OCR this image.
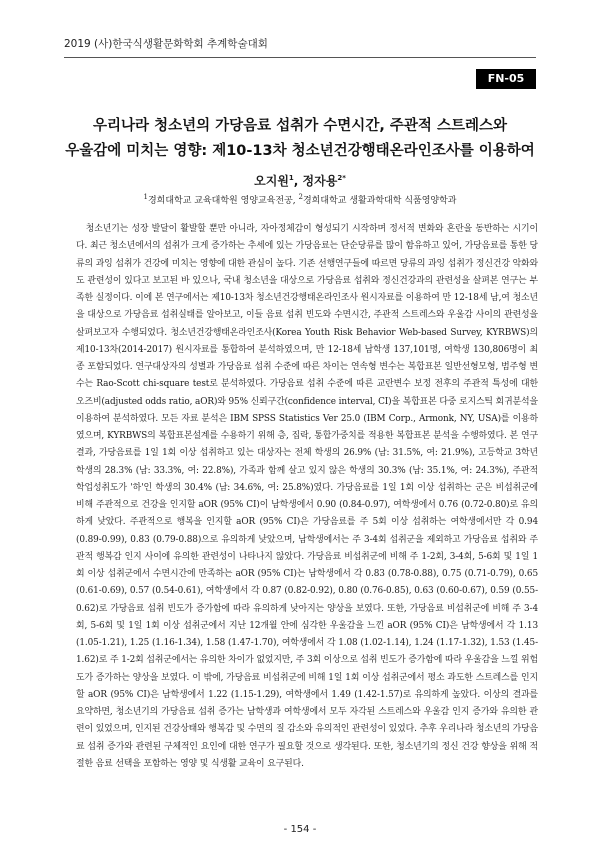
2019 (사)한국식생활문화학회 추계학술대회
FN-05
우리나라 청소년의 가당음료 섭취가 수면시간, 주관적 스트레스와
우울감에 미치는 영향: 제10-13차 청소년건강행태온라인조사를 이용하여
오지원$^1$, 정자용$^{2*}$
$^1$경희대학교 교육대학원 영양교육전공, $^2$경희대학교 생활과학대학 식품영양학과

청소년기는 성장 발달이 활발할 뿐만 아니라, 자아정체감이 형성되기 시작하며 정서적 변화와 혼란을 동반하는 시기이다. 최근 청소년에서의 섭취가 크게 증가하는 추세에 있는 가당음료는 단순당류를 많이 함유하고 있어, 가당음료를 통한 당류의 과잉 섭취가 건강에 미치는 영향에 대한 관심이 높다. 기존 선행연구들에 따르면 당류의 과잉 섭취가 정신건강 악화와도 관련성이 있다고 보고된 바 있으나, 국내 청소년을 대상으로 가당음료 섭취와 정신건강과의 관련성을 살펴본 연구는 부족한 실정이다. 이에 본 연구에서는 제10-13차 청소년건강행태온라인조사 원시자료를 이용하여 만 12-18세 남,여 청소년을 대상으로 가당음료 섭취실태를 알아보고, 이들 음료 섭취 빈도와 수면시간, 주관적 스트레스와 우울감 사이의 관련성을 살펴보고자 수행되었다. 청소년건강행태온라인조사(Korea Youth Risk Behavior Web-based Survey, KYRBWS)의 제10-13차(2014-2017) 원시자료를 통합하여 분석하였으며, 만 12-18세 남학생 137,101명, 여학생 130,806명이 최종 포함되었다. 연구대상자의 성별과 가당음료 섭취 수준에 따른 차이는 연속형 변수는 복합표본 일반선형모형, 범주형 변수는 Rao-Scott chi-square test로 분석하였다. 가당음료 섭취 수준에 따른 교란변수 보정 전후의 주관적 특성에 대한 오즈비(adjusted odds ratio, aOR)와 95% 신뢰구간(confidence interval, CI)을 복합표본 다중 로지스틱 회귀분석을 이용하여 분석하였다. 모든 자료 분석은 IBM SPSS Statistics Ver 25.0 (IBM Corp., Armonk, NY, USA)를 이용하였으며, KYRBWS의 복합표본설계를 수용하기 위해 층, 집락, 통합가중치를 적용한 복합표본 분석을 수행하였다. 본 연구 결과, 가당음료를 1일 1회 이상 섭취하고 있는 대상자는 전체 학생의 26.9% (남: 31.5%, 여: 21.9%), 고등학교 3학년 학생의 28.3% (남: 33.3%, 여: 22.8%), 가족과 함께 살고 있지 않은 학생의 30.3% (남: 35.1%, 여: 24.3%), 주관적 학업성취도가 '하'인 학생의 30.4% (남: 34.6%, 여: 25.8%)였다. 가당음료를 1일 1회 이상 섭취하는 군은 비섭취군에 비해 주관적으로 건강을 인지할 aOR (95% CI)이 남학생에서 0.90 (0.84-0.97), 여학생에서 0.76 (0.72-0.80)로 유의하게 낮았다. 주관적으로 행복을 인지할 aOR (95% CI)은 가당음료를 주 5회 이상 섭취하는 여학생에서만 각 0.94 (0.89-0.99), 0.83 (0.79-0.88)으로 유의하게 낮았으며, 남학생에서는 주 3-4회 섭취군을 제외하고 가당음료 섭취와 주관적 행복감 인지 사이에 유의한 관련성이 나타나지 않았다. 가당음료 비섭취군에 비해 주 1-2회, 3-4회, 5-6회 및 1일 1회 이상 섭취군에서 수면시간에 만족하는 aOR (95% CI)는 남학생에서 각 0.83 (0.78-0.88), 0.75 (0.71-0.79), 0.65 (0.61-0.69), 0.57 (0.54-0.61), 여학생에서 각 0.87 (0.82-0.92), 0.80 (0.76-0.85), 0.63 (0.60-0.67), 0.59 (0.55-0.62)로 가당음료 섭취 빈도가 증가함에 따라 유의하게 낮아지는 양상을 보였다. 또한, 가당음료 비섭취군에 비해 주 3-4회, 5-6회 및 1일 1회 이상 섭취군에서 지난 12개월 안에 심각한 우울감을 느낀 aOR (95% CI)은 남학생에서 각 1.13 (1.05-1.21), 1.25 (1.16-1.34), 1.58 (1.47-1.70), 여학생에서 각 1.08 (1.02-1.14), 1.24 (1.17-1.32), 1.53 (1.45-1.62)로 주 1-2회 섭취군에서는 유의한 차이가 없었지만, 주 3회 이상으로 섭취 빈도가 증가함에 따라 우울감을 느낄 위험도가 증가하는 양상을 보였다. 이 밖에, 가당음료 비섭취군에 비해 1일 1회 이상 섭취군에서 평소 과도한 스트레스를 인지할 aOR (95% CI)은 남학생에서 1.22 (1.15-1.29), 여학생에서 1.49 (1.42-1.57)로 유의하게 높았다. 이상의 결과를 요약하면, 청소년기의 가당음료 섭취 증가는 남학생과 여학생에서 모두 자각된 스트레스와 우울감 인지 증가와 유의한 관련이 있었으며, 인지된 건강상태와 행복감 및 수면의 질 감소와 유의적인 관련성이 있었다. 추후 우리나라 청소년의 가당음료 섭취 증가와 관련된 구체적인 요인에 대한 연구가 필요할 것으로 생각된다. 또한, 청소년기의 정신 건강 향상을 위해 적절한 음료 선택을 포함하는 영양 및 식생활 교육이 요구된다.

- 154 -
